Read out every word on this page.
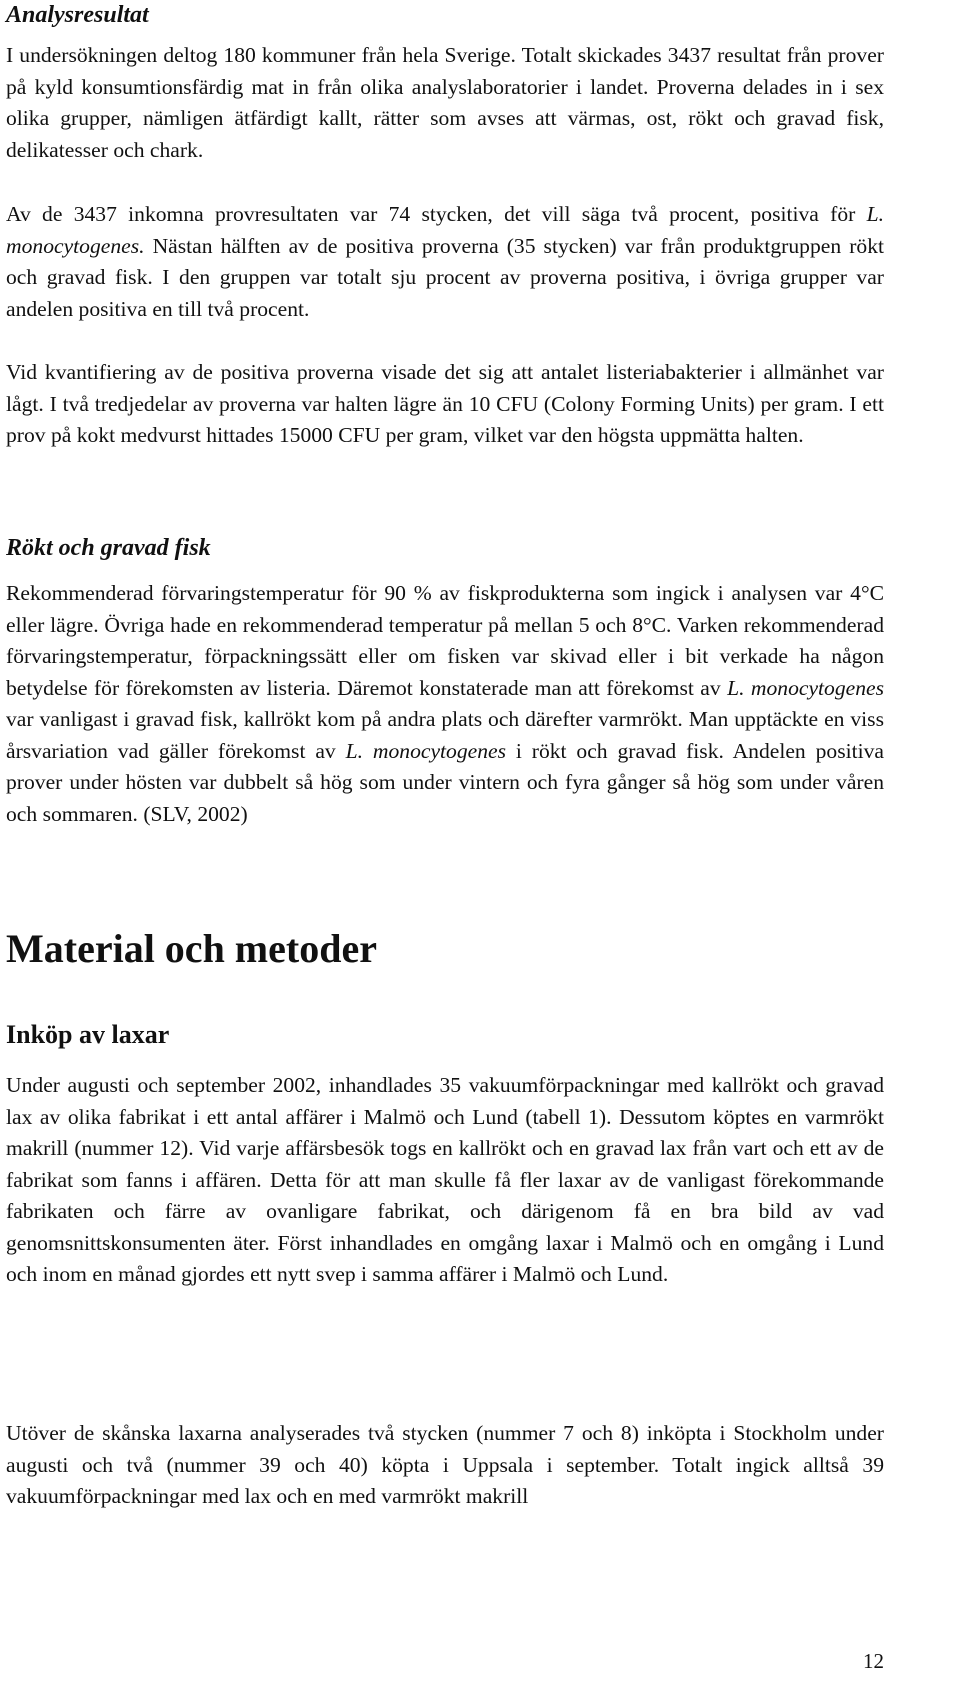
Analysresultat

I undersökningen deltog 180 kommuner från hela Sverige. Totalt skickades 3437 resultat från prover på kyld konsumtionsfärdig mat in från olika analyslaboratorier i landet. Proverna delades in i sex olika grupper, nämligen ätfärdigt kallt, rätter som avses att värmas, ost, rökt och gravad fisk, delikatesser och chark.

Av de 3437 inkomna provresultaten var 74 stycken, det vill säga två procent, positiva för L. monocytogenes. Nästan hälften av de positiva proverna (35 stycken) var från produktgruppen rökt och gravad fisk. I den gruppen var totalt sju procent av proverna positiva, i övriga grupper var andelen positiva en till två procent.

Vid kvantifiering av de positiva proverna visade det sig att antalet listeriabakterier i allmänhet var lågt. I två tredjedelar av proverna var halten lägre än 10 CFU (Colony Forming Units) per gram. I ett prov på kokt medvurst hittades 15000 CFU per gram, vilket var den högsta uppmätta halten.

Rökt och gravad fisk

Rekommenderad förvaringstemperatur för 90 % av fiskprodukterna som ingick i analysen var 4°C eller lägre. Övriga hade en rekommenderad temperatur på mellan 5 och 8°C. Varken rekommenderad förvaringstemperatur, förpackningssätt eller om fisken var skivad eller i bit verkade ha någon betydelse för förekomsten av listeria. Däremot konstaterade man att förekomst av L. monocytogenes var vanligast i gravad fisk, kallrökt kom på andra plats och därefter varmrökt. Man upptäckte en viss årsvariation vad gäller förekomst av L. monocytogenes i rökt och gravad fisk. Andelen positiva prover under hösten var dubbelt så hög som under vintern och fyra gånger så hög som under våren och sommaren. (SLV, 2002)

Material och metoder
Inköp av laxar

Under augusti och september 2002, inhandlades 35 vakuumförpackningar med kallrökt och gravad lax av olika fabrikat i ett antal affärer i Malmö och Lund (tabell 1). Dessutom köptes en varmrökt makrill (nummer 12). Vid varje affärsbesök togs en kallrökt och en gravad lax från vart och ett av de fabrikat som fanns i affären. Detta för att man skulle få fler laxar av de vanligast förekommande fabrikaten och färre av ovanligare fabrikat, och därigenom få en bra bild av vad genomsnittskonsumenten äter. Först inhandlades en omgång laxar i Malmö och en omgång i Lund och inom en månad gjordes ett nytt svep i samma affärer i Malmö och Lund.

Utöver de skånska laxarna analyserades två stycken (nummer 7 och 8) inköpta i Stockholm under augusti och två (nummer 39 och 40) köpta i Uppsala i september. Totalt ingick alltså 39 vakuumförpackningar med lax och en med varmrökt makrill

12
